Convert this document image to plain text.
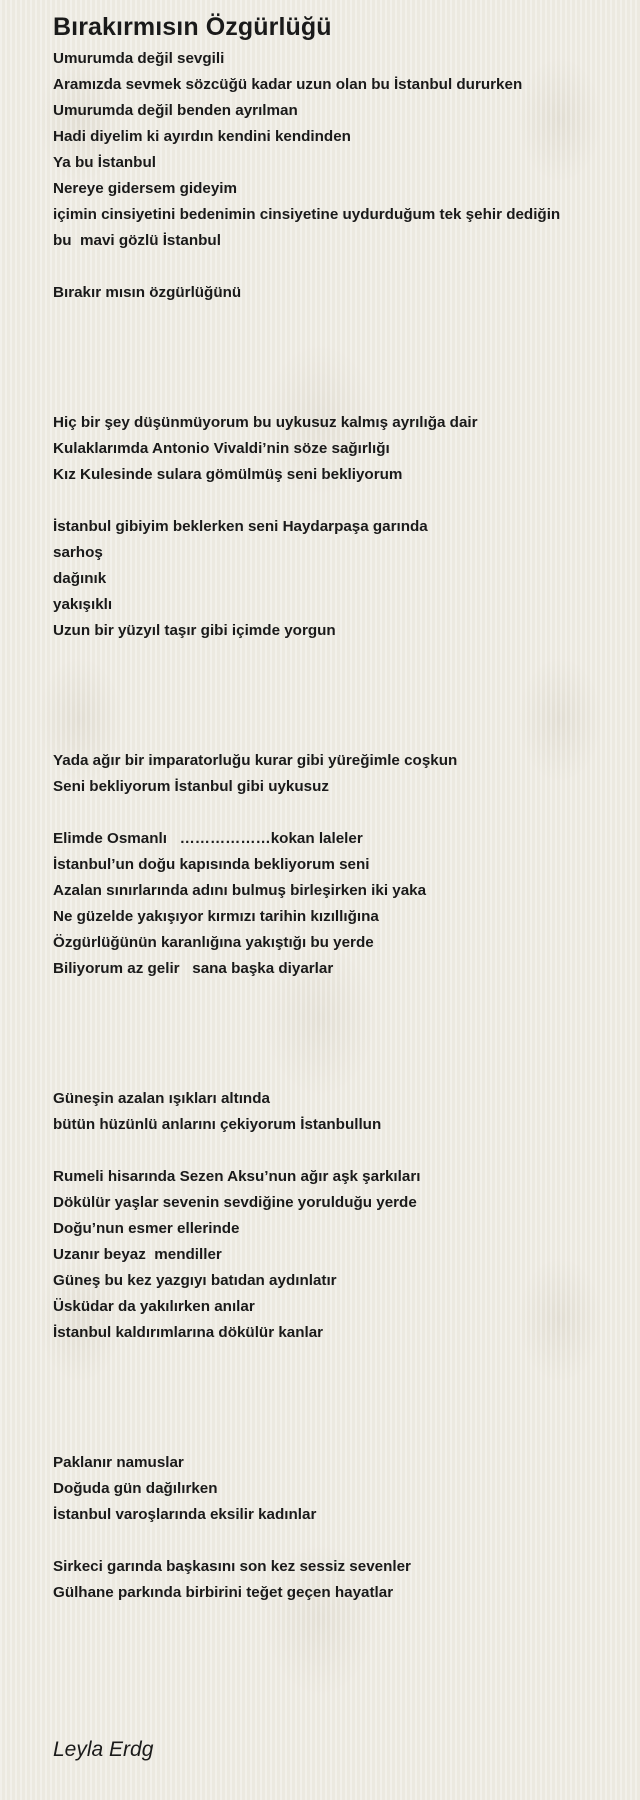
Bırakırmısın Özgürlüğü
Umurumda değil sevgili
Aramızda sevmek sözcüğü kadar uzun olan bu İstanbul dururken
Umurumda değil benden ayrılman
Hadi diyelim ki ayırdın kendini kendinden
Ya bu İstanbul
Nereye gidersem gideyim
içimin cinsiyetini bedenimin cinsiyetine uydurduğum tek şehir dediğin
bu  mavi gözlü İstanbul
Bırakır mısın özgürlüğünü
Hiç bir şey düşünmüyorum bu uykusuz kalmış ayrılığa dair
Kulaklarımda Antonio Vivaldi’nin söze sağırlığı
Kız Kulesinde sulara gömülmüş seni bekliyorum
İstanbul gibiyim beklerken seni Haydarpaşa garında
sarhoş
dağınık
yakışıklı
Uzun bir yüzyıl taşır gibi içimde yorgun
Yada ağır bir imparatorluğu kurar gibi yüreğimle coşkun
Seni bekliyorum İstanbul gibi uykusuz
Elimde Osmanlı   ………………kokan laleler
İstanbul’un doğu kapısında bekliyorum seni
Azalan sınırlarında adını bulmuş birleşirken iki yaka
Ne güzelde yakışıyor kırmızı tarihin kızıllığına
Özgürlüğünün karanlığına yakıştığı bu yerde
Biliyorum az gelir   sana başka diyarlar
Güneşin azalan ışıkları altında
bütün hüzünlü anlarını çekiyorum İstanbullun
Rumeli hisarında Sezen Aksu’nun ağır aşk şarkıları
Dökülür yaşlar sevenin sevdiğine yorulduğu yerde
Doğu’nun esmer ellerinde
Uzanır beyaz  mendiller
Güneş bu kez yazgıyı batıdan aydınlatır
Üsküdar da yakılırken anılar
İstanbul kaldırımlarına dökülür kanlar
Paklanır namuslar
Doğuda gün dağılırken
İstanbul varoşlarında eksilir kadınlar
Sirkeci garında başkasını son kez sessiz sevenler
Gülhane parkında birbirini teğet geçen hayatlar

Leyla Erdg
